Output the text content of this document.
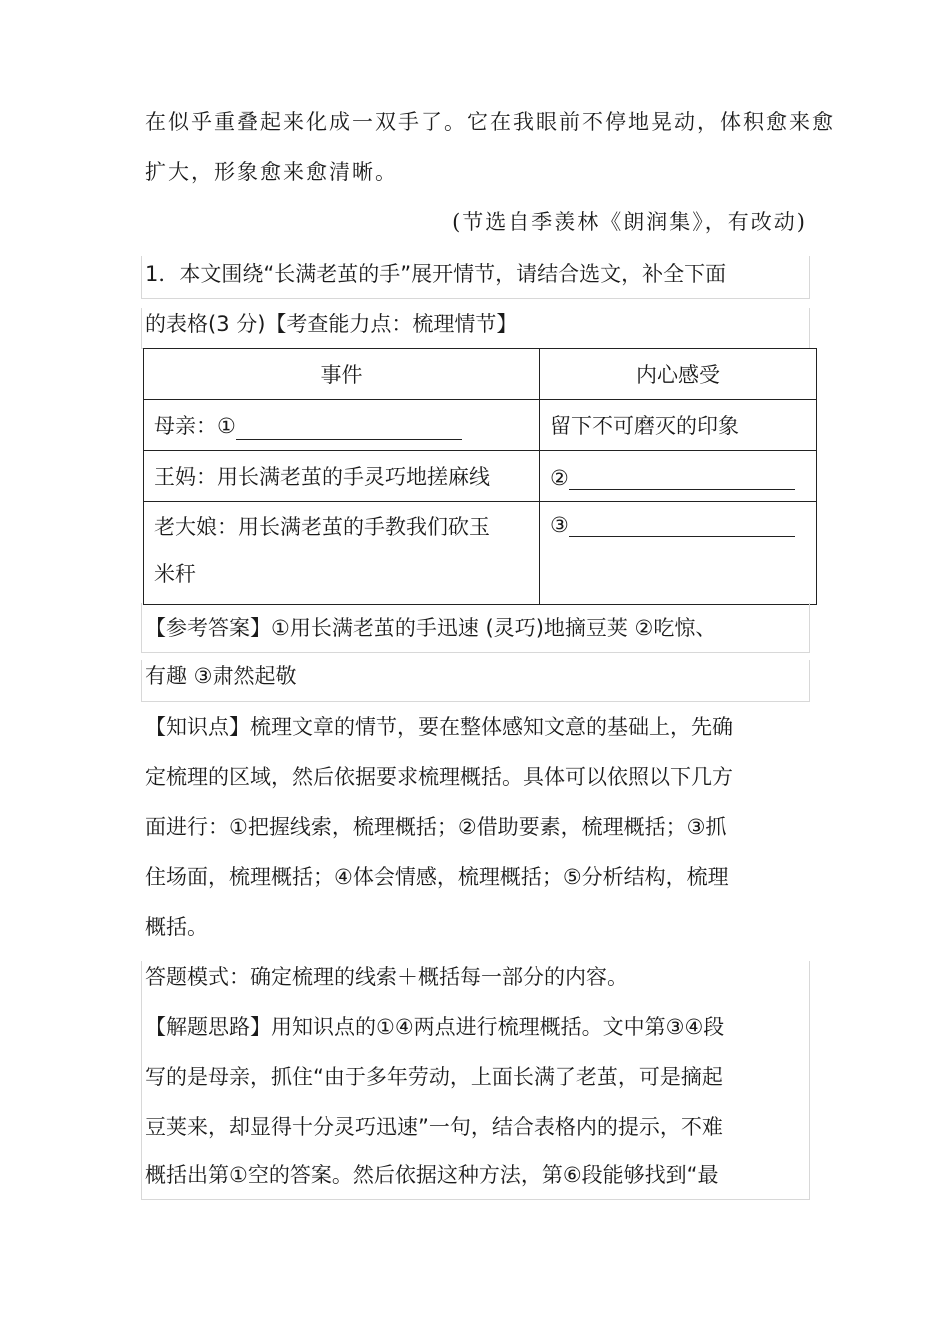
在似乎重叠起来化成一双手了。它在我眼前不停地晃动，体积愈来愈
扩大，形象愈来愈清晰。
(节选自季羡林《朗润集》，有改动)
1．本文围绕“长满老茧的手”展开情节，请结合选文，补全下面
的表格(3 分)【考查能力点：梳理情节】
事件	内心感受
母亲：①	留下不可磨灭的印象
王妈：用长满老茧的手灵巧地搓麻线	②

老大娘：用长满老茧的手教我们砍玉
米秆	③
【参考答案】①用长满老茧的手迅速 (灵巧)地摘豆荚 ②吃惊、
有趣 ③肃然起敬
【知识点】梳理文章的情节，要在整体感知文意的基础上，先确
定梳理的区域，然后依据要求梳理概括。具体可以依照以下几方
面进行：①把握线索，梳理概括；②借助要素，梳理概括；③抓
住场面，梳理概括；④体会情感，梳理概括；⑤分析结构，梳理
概括。
答题模式：确定梳理的线索＋概括每一部分的内容。
【解题思路】用知识点的①④两点进行梳理概括。文中第③④段
写的是母亲，抓住“由于多年劳动，上面长满了老茧，可是摘起
豆荚来，却显得十分灵巧迅速”一句，结合表格内的提示，不难
概括出第①空的答案。然后依据这种方法，第⑥段能够找到“最
